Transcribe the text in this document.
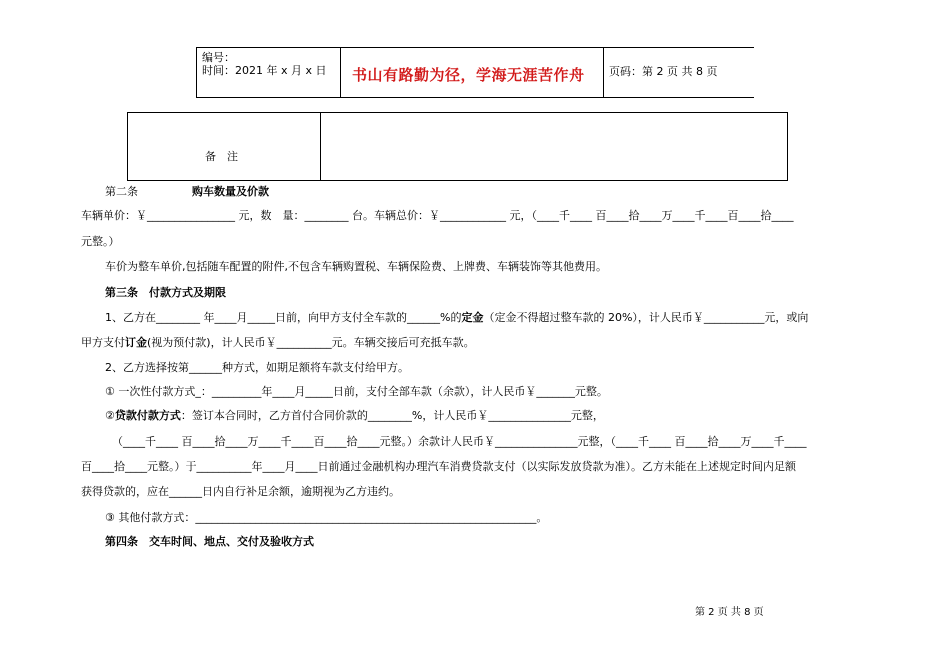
编号：
时间：2021 年 x 月 x 日 书山有路勤为径，学海无涯苦作舟 页码：第 2 页 共 8 页
备　注
第二条	购车数量及价款
车辆单价：￥________________ 元，数　量：________ 台。车辆总价：￥____________ 元，（____千____ 百____拾____万____千____百____拾____
元整。）
车价为整车单价,包括随车配置的附件,不包含车辆购置税、车辆保险费、上牌费、车辆装饰等其他费用。
第三条　付款方式及期限
1、乙方在________ 年____月_____日前，向甲方支付全车款的______%的定金（定金不得超过整车款的 20%），计人民币￥___________元，或向
甲方支付订金(视为预付款)，计人民币￥__________元。车辆交接后可充抵车款。
2、乙方选择按第______种方式，如期足额将车款支付给甲方。
① 一次性付款方式_：_________年____月_____日前，支付全部车款（余款），计人民币￥_______元整。
②贷款付款方式：签订本合同时，乙方首付合同价款的________%，计人民币￥_______________元整，
（____千____ 百____拾____万____千____百____拾____元整。）余款计人民币￥_______________元整，（____千____ 百____拾____万____千____
百____拾____元整。）于__________年____月____日前通过金融机构办理汽车消费贷款支付（以实际发放贷款为准）。乙方未能在上述规定时间内足额
获得贷款的，应在______日内自行补足余额，逾期视为乙方违约。
③ 其他付款方式：______________________________________________________________。
第四条　交车时间、地点、交付及验收方式
第 2 页 共 8 页
